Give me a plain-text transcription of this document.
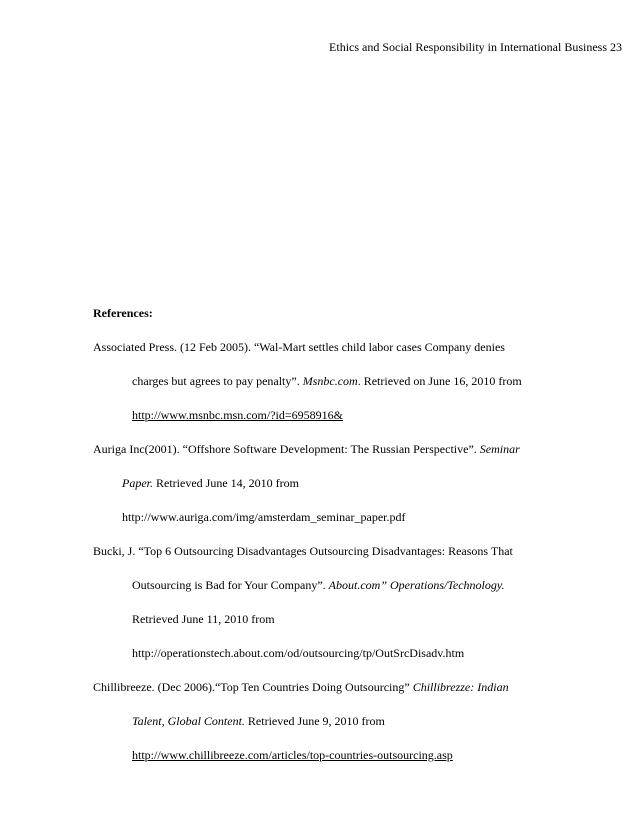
Ethics and Social Responsibility in International Business 23
References:
Associated Press. (12 Feb 2005). “Wal-Mart settles child labor cases Company denies
charges but agrees to pay penalty”. Msnbc.com. Retrieved on June 16, 2010 from
http://www.msnbc.msn.com/?id=6958916&
Auriga Inc(2001). “Offshore Software Development: The Russian Perspective”. Seminar
Paper. Retrieved June 14, 2010 from
http://www.auriga.com/img/amsterdam_seminar_paper.pdf
Bucki, J. “Top 6 Outsourcing Disadvantages Outsourcing Disadvantages: Reasons That
Outsourcing is Bad for Your Company”. About.com” Operations/Technology.
Retrieved June 11, 2010 from
http://operationstech.about.com/od/outsourcing/tp/OutSrcDisadv.htm
Chillibreeze. (Dec 2006).“Top Ten Countries Doing Outsourcing” Chillibrezze: Indian
Talent, Global Content. Retrieved June 9, 2010 from
http://www.chillibreeze.com/articles/top-countries-outsourcing.asp
